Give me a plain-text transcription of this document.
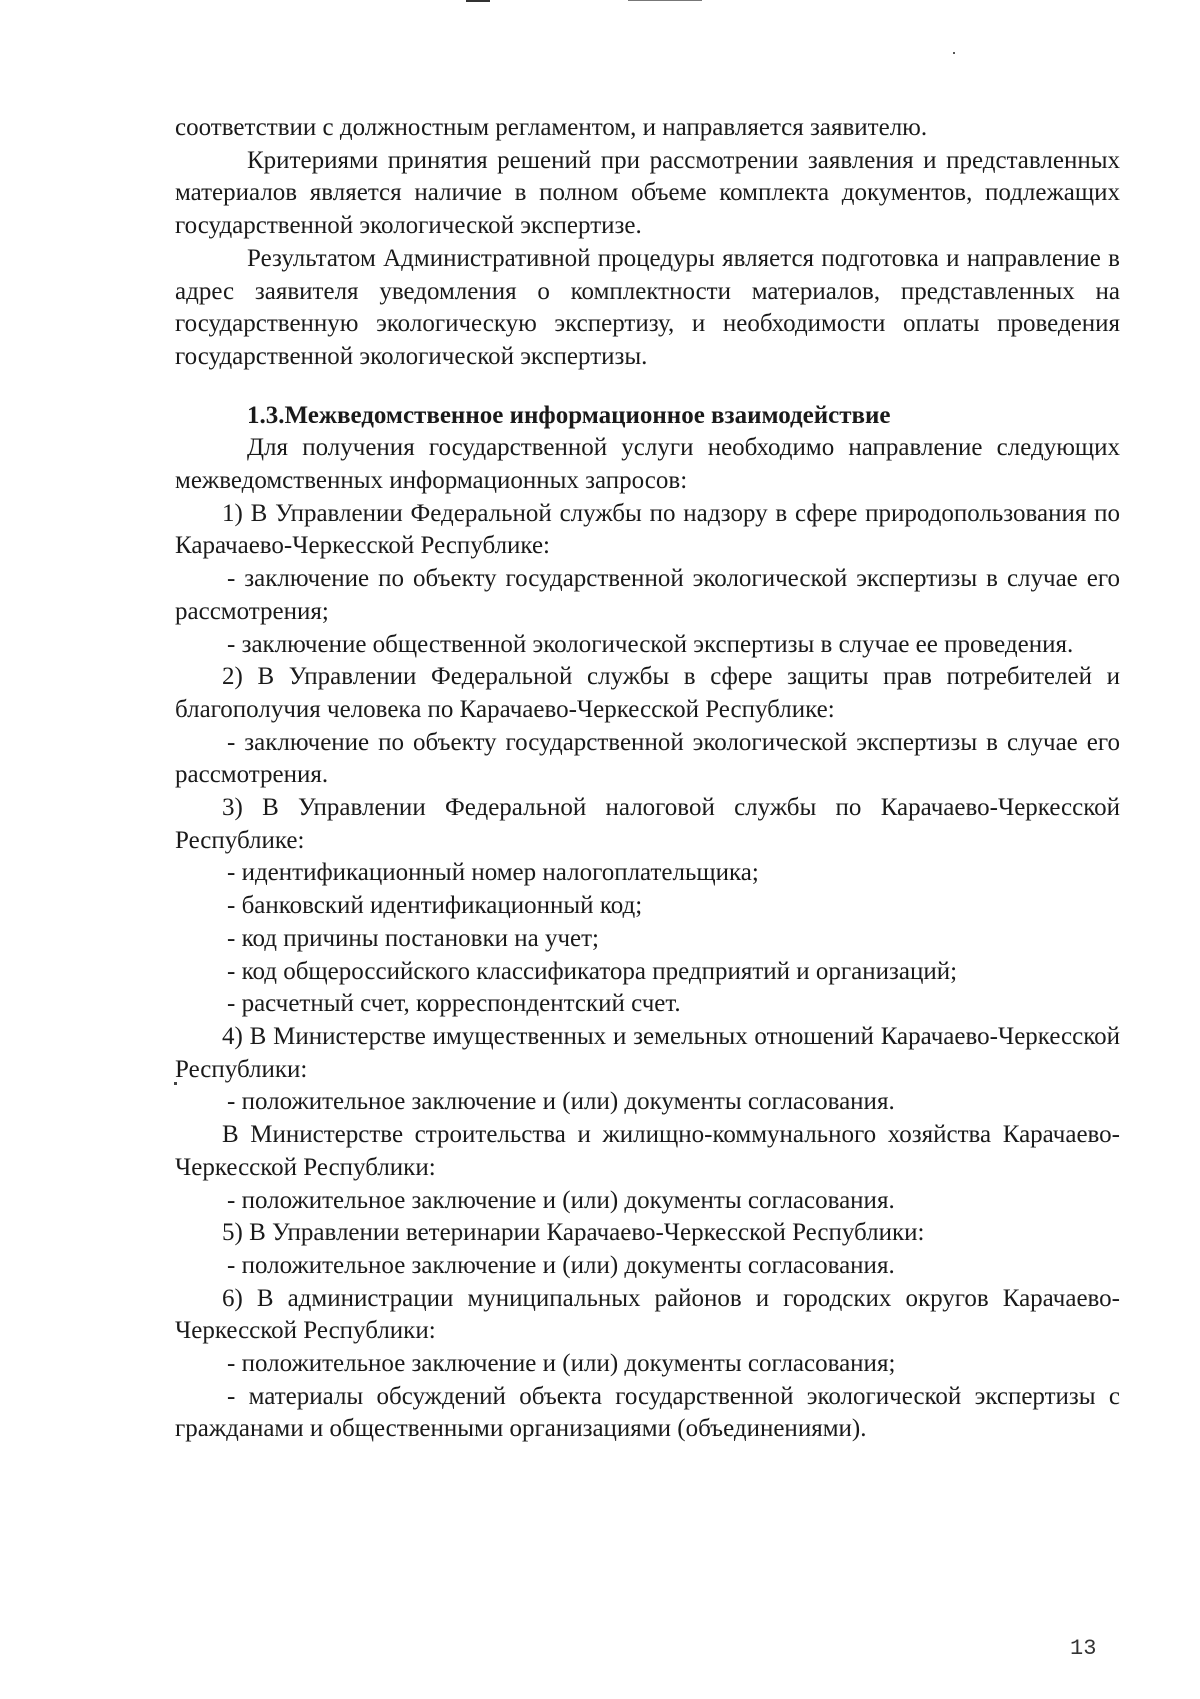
соответствии с должностным регламентом, и направляется заявителю.

Критериями принятия решений при рассмотрении заявления и представленных материалов является наличие в полном объеме комплекта документов, подлежащих государственной экологической экспертизе.

Результатом Административной процедуры является подготовка и направление в адрес заявителя уведомления о комплектности материалов, представленных на государственную экологическую экспертизу, и необходимости оплаты проведения государственной экологической экспертизы.

1.3.Межведомственное информационное взаимодействие

Для получения государственной услуги необходимо направление следующих межведомственных информационных запросов:

1) В Управлении Федеральной службы по надзору в сфере природопользования по Карачаево-Черкесской Республике:

- заключение по объекту государственной экологической экспертизы в случае его рассмотрения;

- заключение общественной экологической экспертизы в случае ее проведения.

2) В Управлении Федеральной службы в сфере защиты прав потребителей и благополучия человека по Карачаево-Черкесской Республике:

- заключение по объекту государственной экологической экспертизы в случае его рассмотрения.

3) В Управлении Федеральной налоговой службы по Карачаево-Черкесской Республике:

- идентификационный номер налогоплательщика;

- банковский идентификационный код;

- код причины постановки на учет;

- код общероссийского классификатора предприятий и организаций;

- расчетный счет, корреспондентский счет.

4) В Министерстве имущественных и земельных отношений Карачаево-Черкесской Республики:

- положительное заключение и (или) документы согласования.

В Министерстве строительства и жилищно-коммунального хозяйства Карачаево-Черкесской Республики:

- положительное заключение и (или) документы согласования.

5) В Управлении ветеринарии Карачаево-Черкесской Республики:

- положительное заключение и (или) документы согласования.

6) В администрации муниципальных районов и городских округов Карачаево-Черкесской Республики:

- положительное заключение и (или) документы согласования;

- материалы обсуждений объекта государственной экологической экспертизы с гражданами и общественными организациями (объединениями).

13
